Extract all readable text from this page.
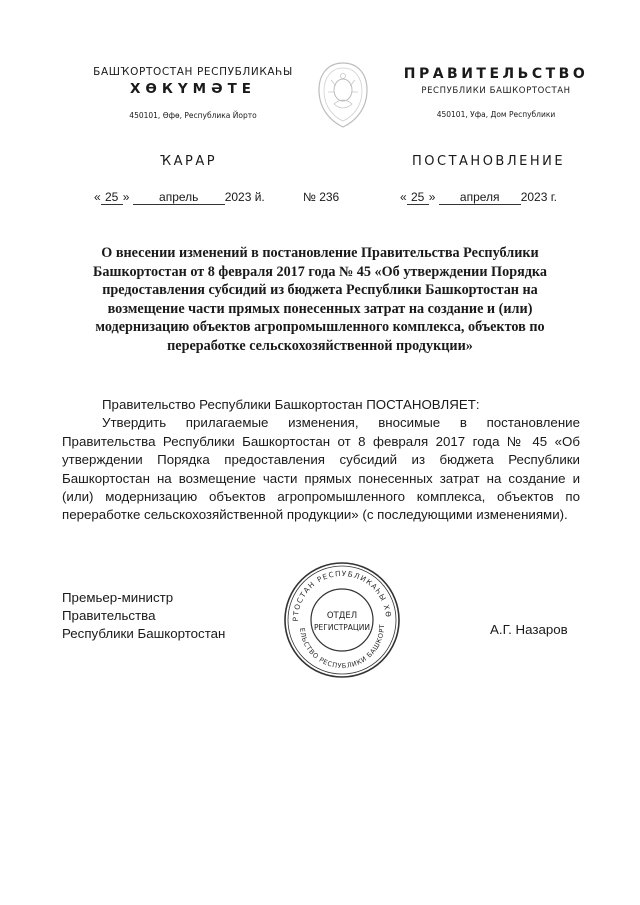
БАШҠОРТОСТАН РЕСПУБЛИКАҺЫ
ХӨКҮМӘТЕ
450101, Өфө, Республика Йорто
ПРАВИТЕЛЬСТВО
РЕСПУБЛИКИ БАШКОРТОСТАН
450101, Уфа, Дом Республики
ҠАРАР	ПОСТАНОВЛЕНИЕ
« 25 » апрель 2023 й.	№ 236	« 25 » апреля 2023 г.
О внесении изменений в постановление Правительства Республики Башкортостан от 8 февраля 2017 года № 45 «Об утверждении Порядка предоставления субсидий из бюджета Республики Башкортостан на возмещение части прямых понесенных затрат на создание и (или) модернизацию объектов агропромышленного комплекса, объектов по переработке сельскохозяйственной продукции»

Правительство Республики Башкортостан ПОСТАНОВЛЯЕТ:

Утвердить прилагаемые изменения, вносимые в постановление Правительства Республики Башкортостан от 8 февраля 2017 года № 45 «Об утверждении Порядка предоставления субсидий из бюджета Республики Башкортостан на возмещение части прямых понесенных затрат на создание и (или) модернизацию объектов агропромышленного комплекса, объектов по переработке сельскохозяйственной продукции» (с последующими изменениями).

Премьер-министр
Правительства
Республики Башкортостан	А.Г. Назаров
РТОСТАН РЕСПУБЛИКАҺЫ ХӨ
ЕЛЬСТВО РЕСПУБЛИКИ БАШКОРТ
ОТДЕЛ
РЕГИСТРАЦИИ
